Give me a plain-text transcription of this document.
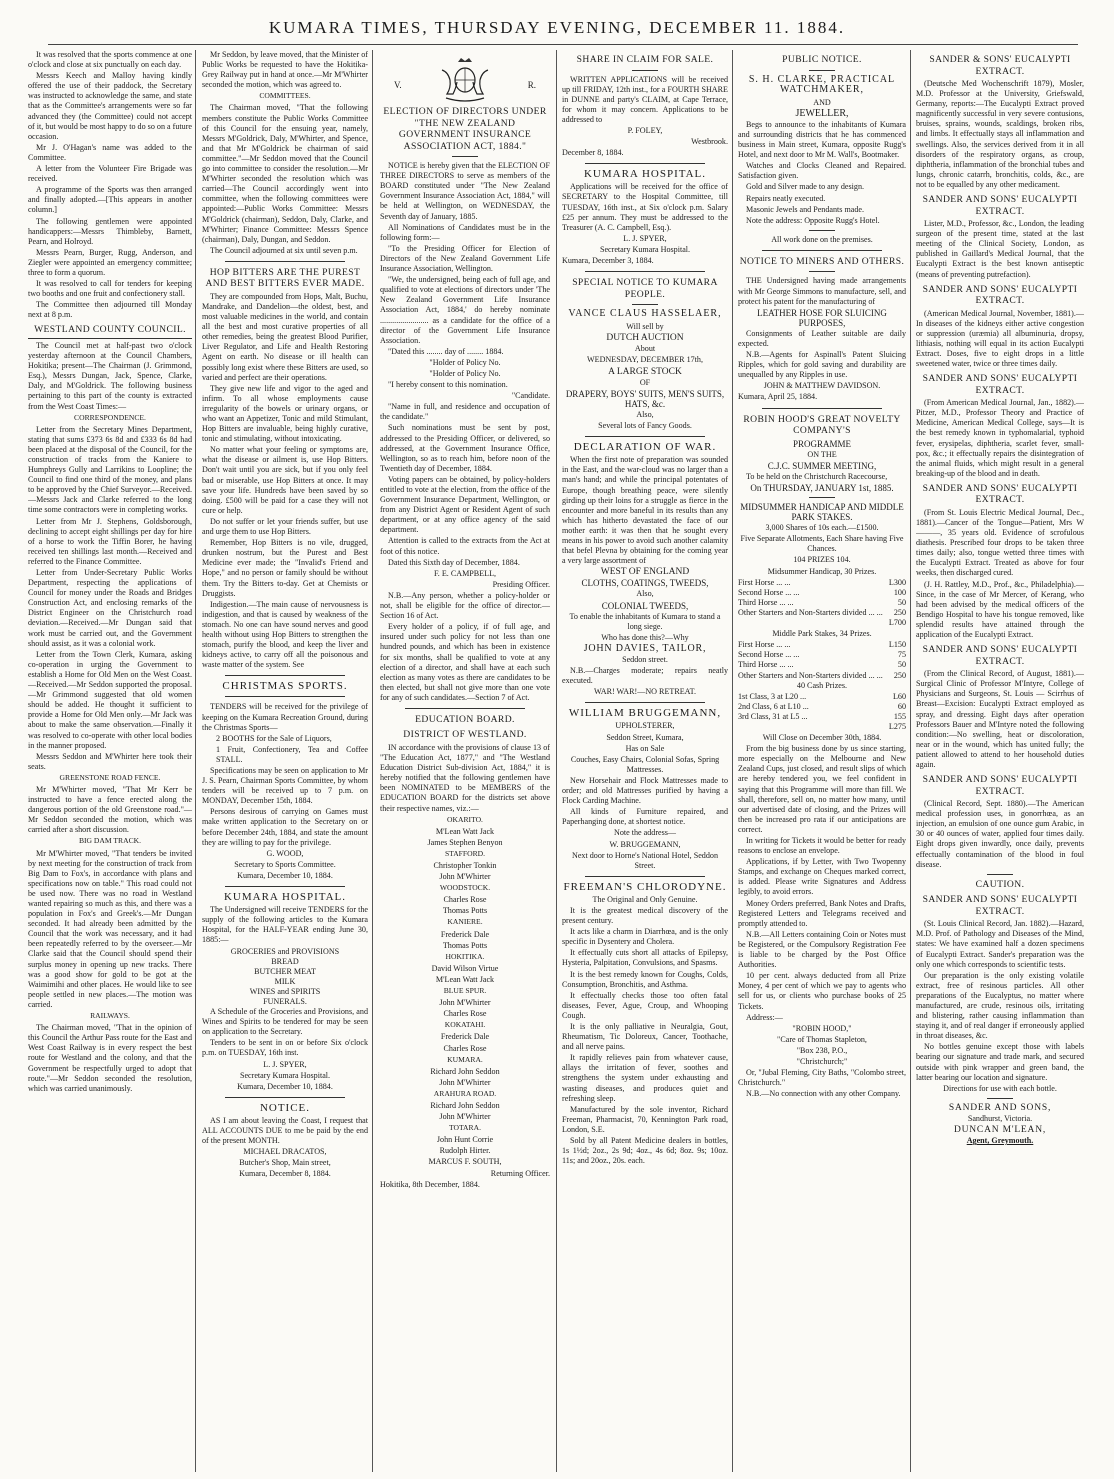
KUMARA TIMES, THURSDAY EVENING, DECEMBER 11. 1884.

It was resolved that the sports commence at one o'clock and close at six punctually on each day.

Messrs Keech and Malloy having kindly offered the use of their paddock, the Secretary was instructed to acknowledge the same, and state that as the Committee's arrangements were so far advanced they (the Committee) could not accept of it, but would be most happy to do so on a future occasion.

Mr J. O'Hagan's name was added to the Committee.

A letter from the Volunteer Fire Brigade was received.

A programme of the Sports was then arranged and finally adopted.—[This appears in another column.]

The following gentlemen were appointed handicappers:—Messrs Thimbleby, Barnett, Pearn, and Holroyd.

Messrs Pearn, Burger, Rugg, Anderson, and Ziegler were appointed an emergency committee; three to form a quorum.

It was resolved to call for tenders for keeping two booths and one fruit and confectionery stall.

The Committee then adjourned till Monday next at 8 p.m.

WESTLAND COUNTY COUNCIL.

The Council met at half-past two o'clock yesterday afternoon at the Council Chambers, Hokitika; present—The Chairman (J. Grimmond, Esq.), Messrs Dungan, Jack, Spence, Clarke, Daly, and M'Goldrick. The following business pertaining to this part of the county is extracted from the West Coast Times:—

CORRESPONDENCE.

Letter from the Secretary Mines Department, stating that sums £373 6s 8d and £333 6s 8d had been placed at the disposal of the Council, for the construction of tracks from the Kaniere to Humphreys Gully and Larrikins to Loopline; the Council to find one third of the money, and plans to be approved by the Chief Surveyor.—Received.—Messrs Jack and Clarke referred to the long time some contractors were in completing works.

Letter from Mr J. Stephens, Goldsborough, declining to accept eight shillings per day for hire of a horse to work the Tiffin Borer, he having received ten shillings last month.—Received and referred to the Finance Committee.

Letter from Under-Secretary Public Works Department, respecting the applications of Council for money under the Roads and Bridges Construction Act, and enclosing remarks of the District Engineer on the Christchurch road deviation.—Received.—Mr Dungan said that work must be carried out, and the Government should assist, as it was a colonial work.

Letter from the Town Clerk, Kumara, asking co-operation in urging the Government to establish a Home for Old Men on the West Coast.—Received.—Mr Seddon supported the proposal.—Mr Grimmond suggested that old women should be added. He thought it sufficient to provide a Home for Old Men only.—Mr Jack was about to make the same observation.—Finally it was resolved to co-operate with other local bodies in the manner proposed.

Messrs Seddon and M'Whirter here took their seats.

GREENSTONE ROAD FENCE.

Mr M'Whirter moved, "That Mr Kerr be instructed to have a fence erected along the dangerous portion of the old Greenstone road."—Mr Seddon seconded the motion, which was carried after a short discussion.

BIG DAM TRACK.

Mr M'Whirter moved, "That tenders be invited by next meeting for the construction of track from Big Dam to Fox's, in accordance with plans and specifications now on table." This road could not be used now. There was no road in Westland wanted repairing so much as this, and there was a population in Fox's and Greek's.—Mr Dungan seconded. It had already been admitted by the Council that the work was necessary, and it had been repeatedly referred to by the overseer.—Mr Clarke said that the Council should spend their surplus money in opening up new tracks. There was a good show for gold to be got at the Waimimihi and other places. He would like to see people settled in new places.—The motion was carried.

RAILWAYS.

The Chairman moved, "That in the opinion of this Council the Arthur Pass route for the East and West Coast Railway is in every respect the best route for Westland and the colony, and that the Government be respectfully urged to adopt that route."—Mr Seddon seconded the resolution, which was carried unanimously.

Mr Seddon, by leave moved, that the Minister of Public Works be requested to have the Hokitika-Grey Railway put in hand at once.—Mr M'Whirter seconded the motion, which was agreed to.

COMMITTEES.

The Chairman moved, "That the following members constitute the Public Works Committee of this Council for the ensuing year, namely, Messrs M'Goldrick, Daly, M'Whirter, and Spence, and that Mr M'Goldrick be chairman of said committee."—Mr Seddon moved that the Council go into committee to consider the resolution.—Mr M'Whirter seconded the resolution which was carried—The Council accordingly went into committee, when the following committees were appointed:—Public Works Committee: Messrs M'Goldrick (chairman), Seddon, Daly, Clarke, and M'Whirter; Finance Committee: Messrs Spence (chairman), Daly, Dungan, and Seddon.

The Council adjourned at six until seven p.m.

HOP BITTERS ARE THE PUREST AND BEST BITTERS EVER MADE.

They are compounded from Hops, Malt, Buchu, Mandrake, and Dandelion—the oldest, best, and most valuable medicines in the world, and contain all the best and most curative properties of all other remedies, being the greatest Blood Purifier, Liver Regulator, and Life and Health Restoring Agent on earth. No disease or ill health can possibly long exist where these Bitters are used, so varied and perfect are their operations.

They give new life and vigor to the aged and infirm. To all whose employments cause irregularity of the bowels or urinary organs, or who want an Appetizer, Tonic and mild Stimulant, Hop Bitters are invaluable, being highly curative, tonic and stimulating, without intoxicating.

No matter what your feeling or symptoms are, what the disease or ailment is, use Hop Bitters. Don't wait until you are sick, but if you only feel bad or miserable, use Hop Bitters at once. It may save your life. Hundreds have been saved by so doing. £500 will be paid for a case they will not cure or help.

Do not suffer or let your friends suffer, but use and urge them to use Hop Bitters.

Remember, Hop Bitters is no vile, drugged, drunken nostrum, but the Purest and Best Medicine ever made; the "Invalid's Friend and Hope," and no person or family should be without them. Try the Bitters to-day. Get at Chemists or Druggists.

Indigestion.—The main cause of nervousness is indigestion, and that is caused by weakness of the stomach. No one can have sound nerves and good health without using Hop Bitters to strengthen the stomach, purify the blood, and keep the liver and kidneys active, to carry off all the poisonous and waste matter of the system. See

CHRISTMAS SPORTS.

TENDERS will be received for the privilege of keeping on the Kumara Recreation Ground, during the Christmas Sports—

2 BOOTHS for the Sale of Liquors,

1 Fruit, Confectionery, Tea and Coffee STALL.

Specifications may be seen on application to Mr J. S. Pearn, Chairman Sports Committee, by whom tenders will be received up to 7 p.m. on MONDAY, December 15th, 1884.

Persons desirous of carrying on Games must make written application to the Secretary on or before December 24th, 1884, and state the amount they are willing to pay for the privilege.

G. WOOD,

Secretary to Sports Committee.

Kumara, December 10, 1884.

KUMARA HOSPITAL.

The Undersigned will receive TENDERS for the supply of the following articles to the Kumara Hospital, for the HALF-YEAR ending June 30, 1885:—

GROCERIES and PROVISIONS
BREAD
BUTCHER MEAT
MILK
WINES and SPIRITS
FUNERALS.

A Schedule of the Groceries and Provisions, and Wines and Spirits to be tendered for may be seen on application to the Secretary.

Tenders to be sent in on or before Six o'clock p.m. on TUESDAY, 16th inst.

L. J. SPYER,

Secretary Kumara Hospital.

Kumara, December 10, 1884.

NOTICE.

AS I am about leaving the Coast, I request that ALL ACCOUNTS DUE to me be paid by the end of the present MONTH.

MICHAEL DRACATOS,

Butcher's Shop, Main street,

Kumara, December 8, 1884.

V.	R.
ELECTION OF DIRECTORS UNDER "THE NEW ZEALAND GOVERNMENT INSURANCE ASSOCIATION ACT, 1884."

NOTICE is hereby given that the ELECTION OF THREE DIRECTORS to serve as members of the BOARD constituted under "The New Zealand Government Insurance Association Act, 1884," will be held at Wellington, on WEDNESDAY, the Seventh day of January, 1885.

All Nominations of Candidates must be in the following form:—

"To the Presiding Officer for Election of Directors of the New Zealand Government Life Insurance Association, Wellington.

"We, the undersigned, being each of full age, and qualified to vote at elections of directors under 'The New Zealand Government Life Insurance Association Act, 1884,' do hereby nominate ........................ as a candidate for the office of a director of the Government Life Insurance Association.

"Dated this ........ day of ........ 1884.

"Holder of Policy No.

"Holder of Policy No.

"I hereby consent to this nomination.

"Candidate.

"Name in full, and residence and occupation of the candidate."

Such nominations must be sent by post, addressed to the Presiding Officer, or delivered, so addressed, at the Government Insurance Office, Wellington, so as to reach him, before noon of the Twentieth day of December, 1884.

Voting papers can be obtained, by policy-holders entitled to vote at the election, from the office of the Government Insurance Department, Wellington, or from any District Agent or Resident Agent of such department, or at any office agency of the said department.

Attention is called to the extracts from the Act at foot of this notice.

Dated this Sixth day of December, 1884.

F. E. CAMPBELL,

Presiding Officer.

N.B.—Any person, whether a policy-holder or not, shall be eligible for the office of director.—Section 16 of Act.

Every holder of a policy, if of full age, and insured under such policy for not less than one hundred pounds, and which has been in existence for six months, shall be qualified to vote at any election of a director, and shall have at each such election as many votes as there are candidates to be then elected, but shall not give more than one vote for any of such candidates.—Section 7 of Act.

EDUCATION BOARD.
DISTRICT OF WESTLAND.

IN accordance with the provisions of clause 13 of "The Education Act, 1877," and "The Westland Education District Sub-division Act, 1884," it is hereby notified that the following gentlemen have been NOMINATED to be MEMBERS of the EDUCATION BOARD for the districts set above their respective names, viz.:—

OKARITO.

M'Lean Watt Jack

James Stephen Benyon

STAFFORD.

Christopher Tonkin

John M'Whirter

WOODSTOCK.

Charles Rose

Thomas Potts

KANIERE.

Frederick Dale

Thomas Potts

HOKITIKA.

David Wilson Virtue

M'Lean Watt Jack

BLUE SPUR.

John M'Whirter

Charles Rose

KOKATAHI.

Frederick Dale

Charles Rose

KUMARA.

Richard John Seddon

John M'Whirter

ARAHURA ROAD.

Richard John Seddon

John M'Whirter

TOTARA.

John Hunt Corrie

Rudolph Hirter.

MARCUS F. SOUTH,

Returning Officer.

Hokitika, 8th December, 1884.

SHARE IN CLAIM FOR SALE.

WRITTEN APPLICATIONS will be received up till FRIDAY, 12th inst., for a FOURTH SHARE in DUNNE and party's CLAIM, at Cape Terrace, for whom it may concern. Applications to be addressed to

P. FOLEY,

Westbrook.

December 8, 1884.

KUMARA HOSPITAL.

Applications will be received for the office of SECRETARY to the Hospital Committee, till TUESDAY, 16th inst., at Six o'clock p.m. Salary £25 per annum. They must be addressed to the Treasurer (A. C. Campbell, Esq.).

L. J. SPYER,

Secretary Kumara Hospital.

Kumara, December 3, 1884.

SPECIAL NOTICE TO KUMARA PEOPLE.
VANCE CLAUS HASSELAER,

Will sell by

DUTCH AUCTION

About

WEDNESDAY, DECEMBER 17th,

A LARGE STOCK

OF

DRAPERY, BOYS' SUITS, MEN'S SUITS, HATS, &c.

Also,

Several lots of Fancy Goods.

DECLARATION OF WAR.

When the first note of preparation was sounded in the East, and the war-cloud was no larger than a man's hand; and while the principal potentates of Europe, though breathing peace, were silently girding up their loins for a struggle as fierce in the encounter and more baneful in its results than any which has hitherto devastated the face of our mother earth: it was then that he sought every means in his power to avoid such another calamity that befel Plevna by obtaining for the coming year a very large assortment of

WEST OF ENGLAND

CLOTHS, COATINGS, TWEEDS,

Also,

COLONIAL TWEEDS,

To enable the inhabitants of Kumara to stand a long siege.

Who has done this?—Why

JOHN DAVIES, TAILOR,

Seddon street.

N.B.—Charges moderate; repairs neatly executed.

WAR! WAR!—NO RETREAT.

WILLIAM BRUGGEMANN,

UPHOLSTERER,

Seddon Street, Kumara,

Has on Sale

Couches, Easy Chairs, Colonial Sofas, Spring Mattresses.

New Horsehair and Flock Mattresses made to order; and old Mattresses purified by having a Flock Carding Machine.

All kinds of Furniture repaired, and Paperhanging done, at shortest notice.

Note the address—

W. BRUGGEMANN,

Next door to Horne's National Hotel, Seddon Street.

FREEMAN'S CHLORODYNE.

The Original and Only Genuine.

It is the greatest medical discovery of the present century.

It acts like a charm in Diarrhœa, and is the only specific in Dysentery and Cholera.

It effectually cuts short all attacks of Epilepsy, Hysteria, Palpitation, Convulsions, and Spasms.

It is the best remedy known for Coughs, Colds, Consumption, Bronchitis, and Asthma.

It effectually checks those too often fatal diseases, Fever, Ague, Croup, and Whooping Cough.

It is the only palliative in Neuralgia, Gout, Rheumatism, Tic Doloreux, Cancer, Toothache, and all nerve pains.

It rapidly relieves pain from whatever cause, allays the irritation of fever, soothes and strengthens the system under exhausting and wasting diseases, and produces quiet and refreshing sleep.

Manufactured by the sole inventor, Richard Freeman, Pharmacist, 70, Kennington Park road, London, S.E.

Sold by all Patent Medicine dealers in bottles, 1s 1½d; 2oz., 2s 9d; 4oz., 4s 6d; 8oz. 9s; 10oz. 11s; and 20oz., 20s. each.

PUBLIC NOTICE.
S. H. CLARKE, PRACTICAL WATCHMAKER,

AND

JEWELLER,

Begs to announce to the inhabitants of Kumara and surrounding districts that he has commenced business in Main street, Kumara, opposite Rugg's Hotel, and next door to Mr M. Wall's, Bootmaker.

Watches and Clocks Cleaned and Repaired. Satisfaction given.

Gold and Silver made to any design.

Repairs neatly executed.

Masonic Jewels and Pendants made.

Note the address: Opposite Rugg's Hotel.

All work done on the premises.

NOTICE TO MINERS AND OTHERS.

THE Undersigned having made arrangements with Mr George Simmons to manufacture, sell, and protect his patent for the manufacturing of

LEATHER HOSE FOR SLUICING PURPOSES,

Consignments of Leather suitable are daily expected.

N.B.—Agents for Aspinall's Patent Sluicing Ripples, which for gold saving and durability are unequalled by any Ripples in use.

JOHN & MATTHEW DAVIDSON.

Kumara, April 25, 1884.

ROBIN HOOD'S GREAT NOVELTY COMPANY'S

PROGRAMME

ON THE

C.J.C. SUMMER MEETING,

To be held on the Christchurch Racecourse,

On THURSDAY, JANUARY 1st, 1885.

MIDSUMMER HANDICAP AND MIDDLE PARK STAKES.

3,000 Shares of 10s each.—£1500.

Five Separate Allotments, Each Share having Five Chances.

104 PRIZES 104.

Midsummer Handicap, 30 Prizes.

First Horse ... ...	L300
Second Horse ... ...	100
Third Horse ... ...	50
Other Starters and Non-Starters divided ... ... 250

L700

Middle Park Stakes, 34 Prizes.

First Horse ... ...	L150
Second Horse ... ...	75
Third Horse ... ...	50
Other Starters and Non-Starters divided ... ... 250

40 Cash Prizes.

1st Class, 3 at L20 ...	L60
2nd Class, 6 at L10 ...	60
3rd Class, 31 at L5 ...	155

L275

Will Close on December 30th, 1884.

From the big business done by us since starting, more especially on the Melbourne and New Zealand Cups, just closed, and result slips of which are hereby tendered you, we feel confident in saying that this Programme will more than fill. We shall, therefore, sell on, no matter how many, until our advertised date of closing, and the Prizes will then be increased pro rata if our anticipations are correct.

In writing for Tickets it would be better for ready reasons to enclose an envelope.

Applications, if by Letter, with Two Twopenny Stamps, and exchange on Cheques marked correct, is added. Please write Signatures and Address legibly, to avoid errors.

Money Orders preferred, Bank Notes and Drafts, Registered Letters and Telegrams received and promptly attended to.

N.B.—All Letters containing Coin or Notes must be Registered, or the Compulsory Registration Fee is liable to be charged by the Post Office Authorities.

10 per cent. always deducted from all Prize Money, 4 per cent of which we pay to agents who sell for us, or clients who purchase books of 25 Tickets.

Address:—

"ROBIN HOOD,"

"Care of Thomas Stapleton,

"Box 238, P.O.,

"Christchurch;"

Or, "Jubal Fleming, City Baths, "Colombo street, Christchurch."

N.B.—No connection with any other Company.

SANDER & SONS' EUCALYPTI EXTRACT.

(Deutsche Med Wochenschrift 1879), Mosler, M.D. Professor at the University, Griefswald, Germany, reports:—The Eucalypti Extract proved magnificently successful in very severe contusions, bruises, sprains, wounds, scaldings, broken ribs, and limbs. It effectually stays all inflammation and swellings. Also, the services derived from it in all disorders of the respiratory organs, as croup, diphtheria, inflammation of the bronchial tubes and lungs, chronic catarrh, bronchitis, colds, &c., are not to be equalled by any other medicament.

SANDER AND SONS' EUCALYPTI EXTRACT.

Lister, M.D., Professor, &c., London, the leading surgeon of the present time, stated at the last meeting of the Clinical Society, London, as published in Gaillard's Medical Journal, that the Eucalypti Extract is the best known antiseptic (means of preventing putrefaction).

SANDER AND SONS' EUCALYPTI EXTRACT.

(American Medical Journal, November, 1881).—In diseases of the kidneys either active congestion or suppression (uræmia) all albuminuria, dropsy, lithiasis, nothing will equal in its action Eucalypti Extract. Doses, five to eight drops in a little sweetened water, twice or three times daily.

SANDER AND SONS' EUCALYPTI EXTRACT.

(From American Medical Journal, Jan., 1882).—Pitzer, M.D., Professor Theory and Practice of Medicine, American Medical College, says—It is the best remedy known in typhomalarial, typhoid fever, erysipelas, diphtheria, scarlet fever, small-pox, &c.; it effectually repairs the disintegration of the animal fluids, which might result in a general breaking-up of the blood and in death.

SANDER AND SONS' EUCALYPTI EXTRACT.

(From St. Louis Electric Medical Journal, Dec., 1881).—Cancer of the Tongue—Patient, Mrs W———, 35 years old. Evidence of scrofulous diathesis. Prescribed four drops to be taken three times daily; also, tongue wetted three times with the Eucalypti Extract. Treated as above for four weeks, then discharged cured.

(J. H. Rattley, M.D., Prof., &c., Philadelphia).—Since, in the case of Mr Mercer, of Kerang, who had been advised by the medical officers of the Bendigo Hospital to have his tongue removed, like splendid results have attained through the application of the Eucalypti Extract.

SANDER AND SONS' EUCALYPTI EXTRACT.

(From the Clinical Record, of August, 1881).—Surgical Clinic of Professor M'Intyre, College of Physicians and Surgeons, St. Louis — Scirrhus of Breast—Excision: Eucalypti Extract employed as spray, and dressing. Eight days after operation Professors Bauer and M'Intyre noted the following condition:—No swelling, heat or discoloration, near or in the wound, which has united fully; the patient allowed to attend to her household duties again.

SANDER AND SONS' EUCALYPTI EXTRACT.

(Clinical Record, Sept. 1880).—The American medical profession uses, in gonorrhœa, as an injection, an emulsion of one ounce gum Arabic, in 30 or 40 ounces of water, applied four times daily. Eight drops given inwardly, once daily, prevents effectually contamination of the blood in foul disease.

CAUTION.
SANDER AND SONS' EUCALYPTI EXTRACT.

(St. Louis Clinical Record, Jan. 1882).—Hazard, M.D. Prof. of Pathology and Diseases of the Mind, states: We have examined half a dozen specimens of Eucalypti Extract. Sander's preparation was the only one which corresponds to scientific tests.

Our preparation is the only existing volatile extract, free of resinous particles. All other preparations of the Eucalyptus, no matter where manufactured, are crude, resinous oils, irritating and blistering, rather causing inflammation than staying it, and of real danger if erroneously applied in throat diseases, &c.

No bottles genuine except those with labels bearing our signature and trade mark, and secured outside with pink wrapper and green band, the latter bearing our location and signature.

Directions for use with each bottle.

SANDER AND SONS,

Sandhurst, Victoria.

DUNCAN M'LEAN,

Agent, Greymouth.
